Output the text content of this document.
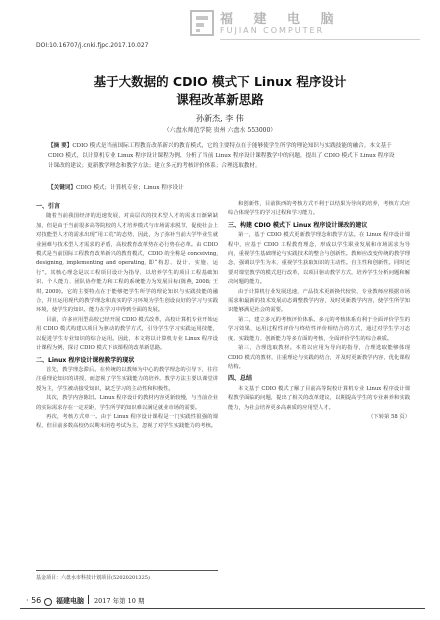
福 建 电 脑
FUJIAN COMPUTER
DOI:10.16707/j.cnki.fjpc.2017.10.027
基于大数据的 CDIO 模式下 Linux 程序设计
课程改革新思路
孙新杰, 李 伟
（六盘水师范学院 贵州 六盘水 553000）
【摘 要】CDIO 模式是当前国际工程教育改革新兴的教育模式，它的主要特点在于能够使学生所学的理论知识与实践技能的融合。本文基于 CDIO 模式，以计算机专业 Linux 程序设计课程为例，分析了当前 Linux 程序设计课程教学中的问题，提出了 CDIO 模式下 Linux 程序设计课改的建议；更新教学理念和教学方法；建立多元的考核评价体系；合理选取教材。
【关键词】CDIO 模式；计算机专业；Linux 程序设计
一、引言

随着当前我国经济的迅速发展，对高层次的技术型人才的需求日渐紧缺加，但是由于当前很多高等院校的人才培养模式与市场需求脱节，促使社会上对技能型人才的需求出现“用工荒”的态势，因此，为了弥补当前大学毕业生就业困难与技术型人才需求的矛盾，高校教育改革势在必行势在必革。由 CDIO 模式是当前国际工程教育改革新兴的教育模式，CDIO 的全称是 conceiving, designing, implementing and operating, 即“构思、设计、实施、运行”。其核心理念是以工程项目设计为指导，以培养学生的项目工程基础知识、个人能力、团队协作能力和工程的系统能力为发展目标(陈燕, 2008; 王琪, 2009)。它的主要特点在于能够把学生所学的理论知识与实践技能的融合，并且运用现代的教学理念和真实的学习环境为学生创设良好的学习与实践环境，使学生的知识、能力在学习中得到全面的发展。

目前，许多应用型高校已经开展 CDIO 模式改革，高校计算机专业开始运用 CDIO 模式构建以项目为驱动的教学方式，引导学生学习实践运用技能，以促进学生专业知识的综合运用。因此，本文将以计算机专业 Linux 程序设计课程为例，探讨 CDIO 模式下该课程的改革新思路。

二、Linux 程序设计课程教学的现状

首先，教学理念滞后。在传统的以教师为中心的教学理念的引导下，往往注重理论知识的讲授，而忽视了学生实践能力的培养。教学方法主要以课堂讲授为主，学生被动接受知识，缺乏学习的主动性和积极性。

其次，教学内容陈旧。Linux 程序设计的教材内容更新较慢，与当前企业的实际需求存在一定差距，学生所学的知识难以满足就业市场的需要。

再次，考核方式单一。由于 Linux 程序设计课程是一门实践性很强的课程，但目前多数高校仍以期末闭卷考试为主，忽视了对学生实践能力的考核。

和创新性，目前陕西的考核方式不利于以结果为导向的培养，考核方式应综合体现学生的学习过程和学习能力。

三、构建 CDIO 模式下 Linux 程序设计课改的建议

第一，基于 CDIO 模式更新教学理念和教学方法。在 Linux 程序设计课程中，应基于 CDIO 工程教育理念，形成以学生职业发展和市场需求为导向，重视学生基础理论与实践技术的整合与创新性。教师应改变传统的教学理念，强调以学生为本，重视学生获取知识的主动性。自主性和创新性。同时还要对课堂教学的模式进行改革，以项目驱动教学方式，培养学生分析问题和解决问题的能力。

由于计算机行业发展迅速，产品技术更新换代较快，专业教师应根据市场需求和最新的技术发展动态调整教学内容，及时更新教学内容，使学生所学知识能够满足社会的需要。

第二，建立多元的考核评价体系。多元的考核体系有利于全面评价学生的学习效果，运用过程性评价与终结性评价相结合的方式，通过对学生学习态度、实践能力、创新能力等多方面的考核，全面评价学生的综合素质。

第三，合理选取教材。本着以应用为导向的指导，合理选取能够体现 CDIO 模式的教材，注重理论与实践的结合，并及时更新教学内容，优化课程结构。

四、总结

本文基于 CDIO 模式了解了目前高等院校计算机专业 Linux 程序设计课程教学面临的问题，提出了相关的改革建议，以期提高学生的专业素养和实践能力，为社会培养更多高素质的应用型人才。

（下转第 58 页）

基金项目：六盘水市科技计划项目(52020201325)
· 56 · 福建电脑 2017 年第 10 期
